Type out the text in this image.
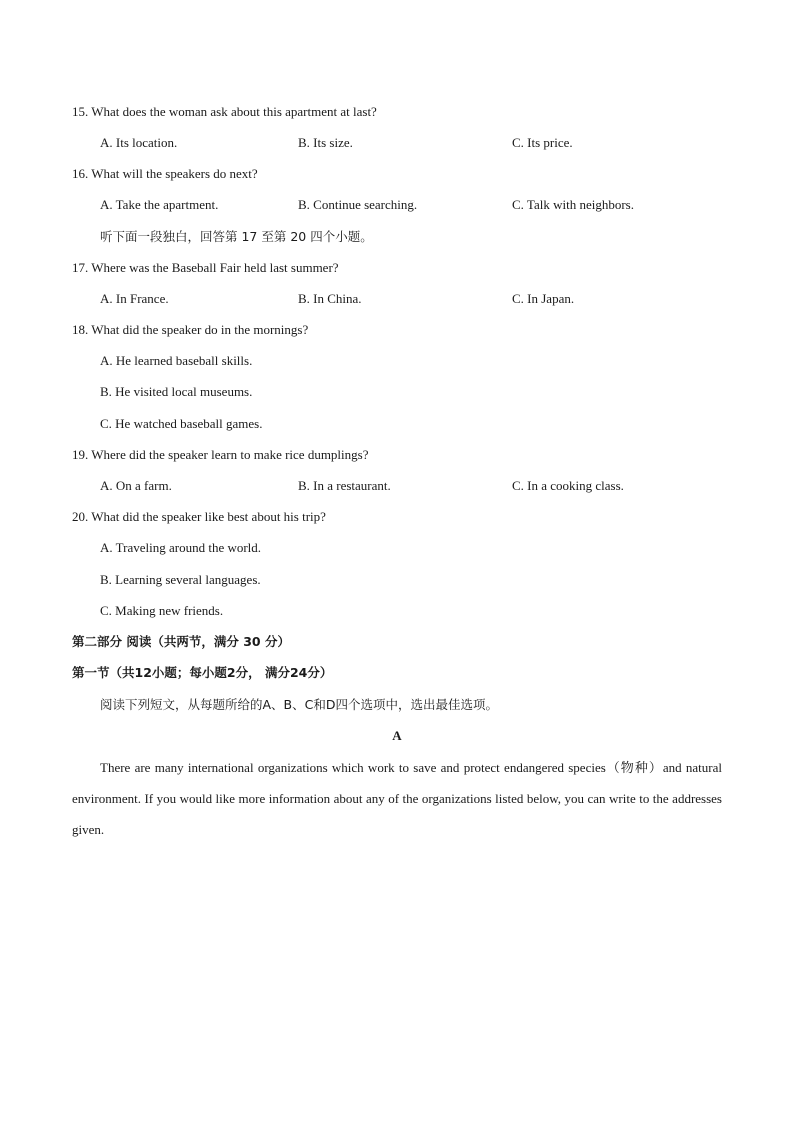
15. What does the woman ask about this apartment at last?
A. Its location.	B. Its size.	C. Its price.
16. What will the speakers do next?
A. Take the apartment.	B. Continue searching.	C. Talk with neighbors.
听下面一段独白，回答第 17 至第 20 四个小题。
17. Where was the Baseball Fair held last summer?
A. In France.	B. In China.	C. In Japan.
18. What did the speaker do in the mornings?
A. He learned baseball skills.
B. He visited local museums.
C. He watched baseball games.
19. Where did the speaker learn to make rice dumplings?
A. On a farm.	B. In a restaurant.	C. In a cooking class.
20. What did the speaker like best about his trip?
A. Traveling around the world.
B. Learning several languages.
C. Making new friends.
第二部分 阅读（共两节，满分 30 分）
第一节（共12小题；每小题2分， 满分24分）
阅读下列短文，从每题所给的A、B、C和D四个选项中，选出最佳选项。
A

There are many international organizations which work to save and protect endangered species（物种）and natural environment. If you would like more information about any of the organizations listed below, you can write to the addresses given.
